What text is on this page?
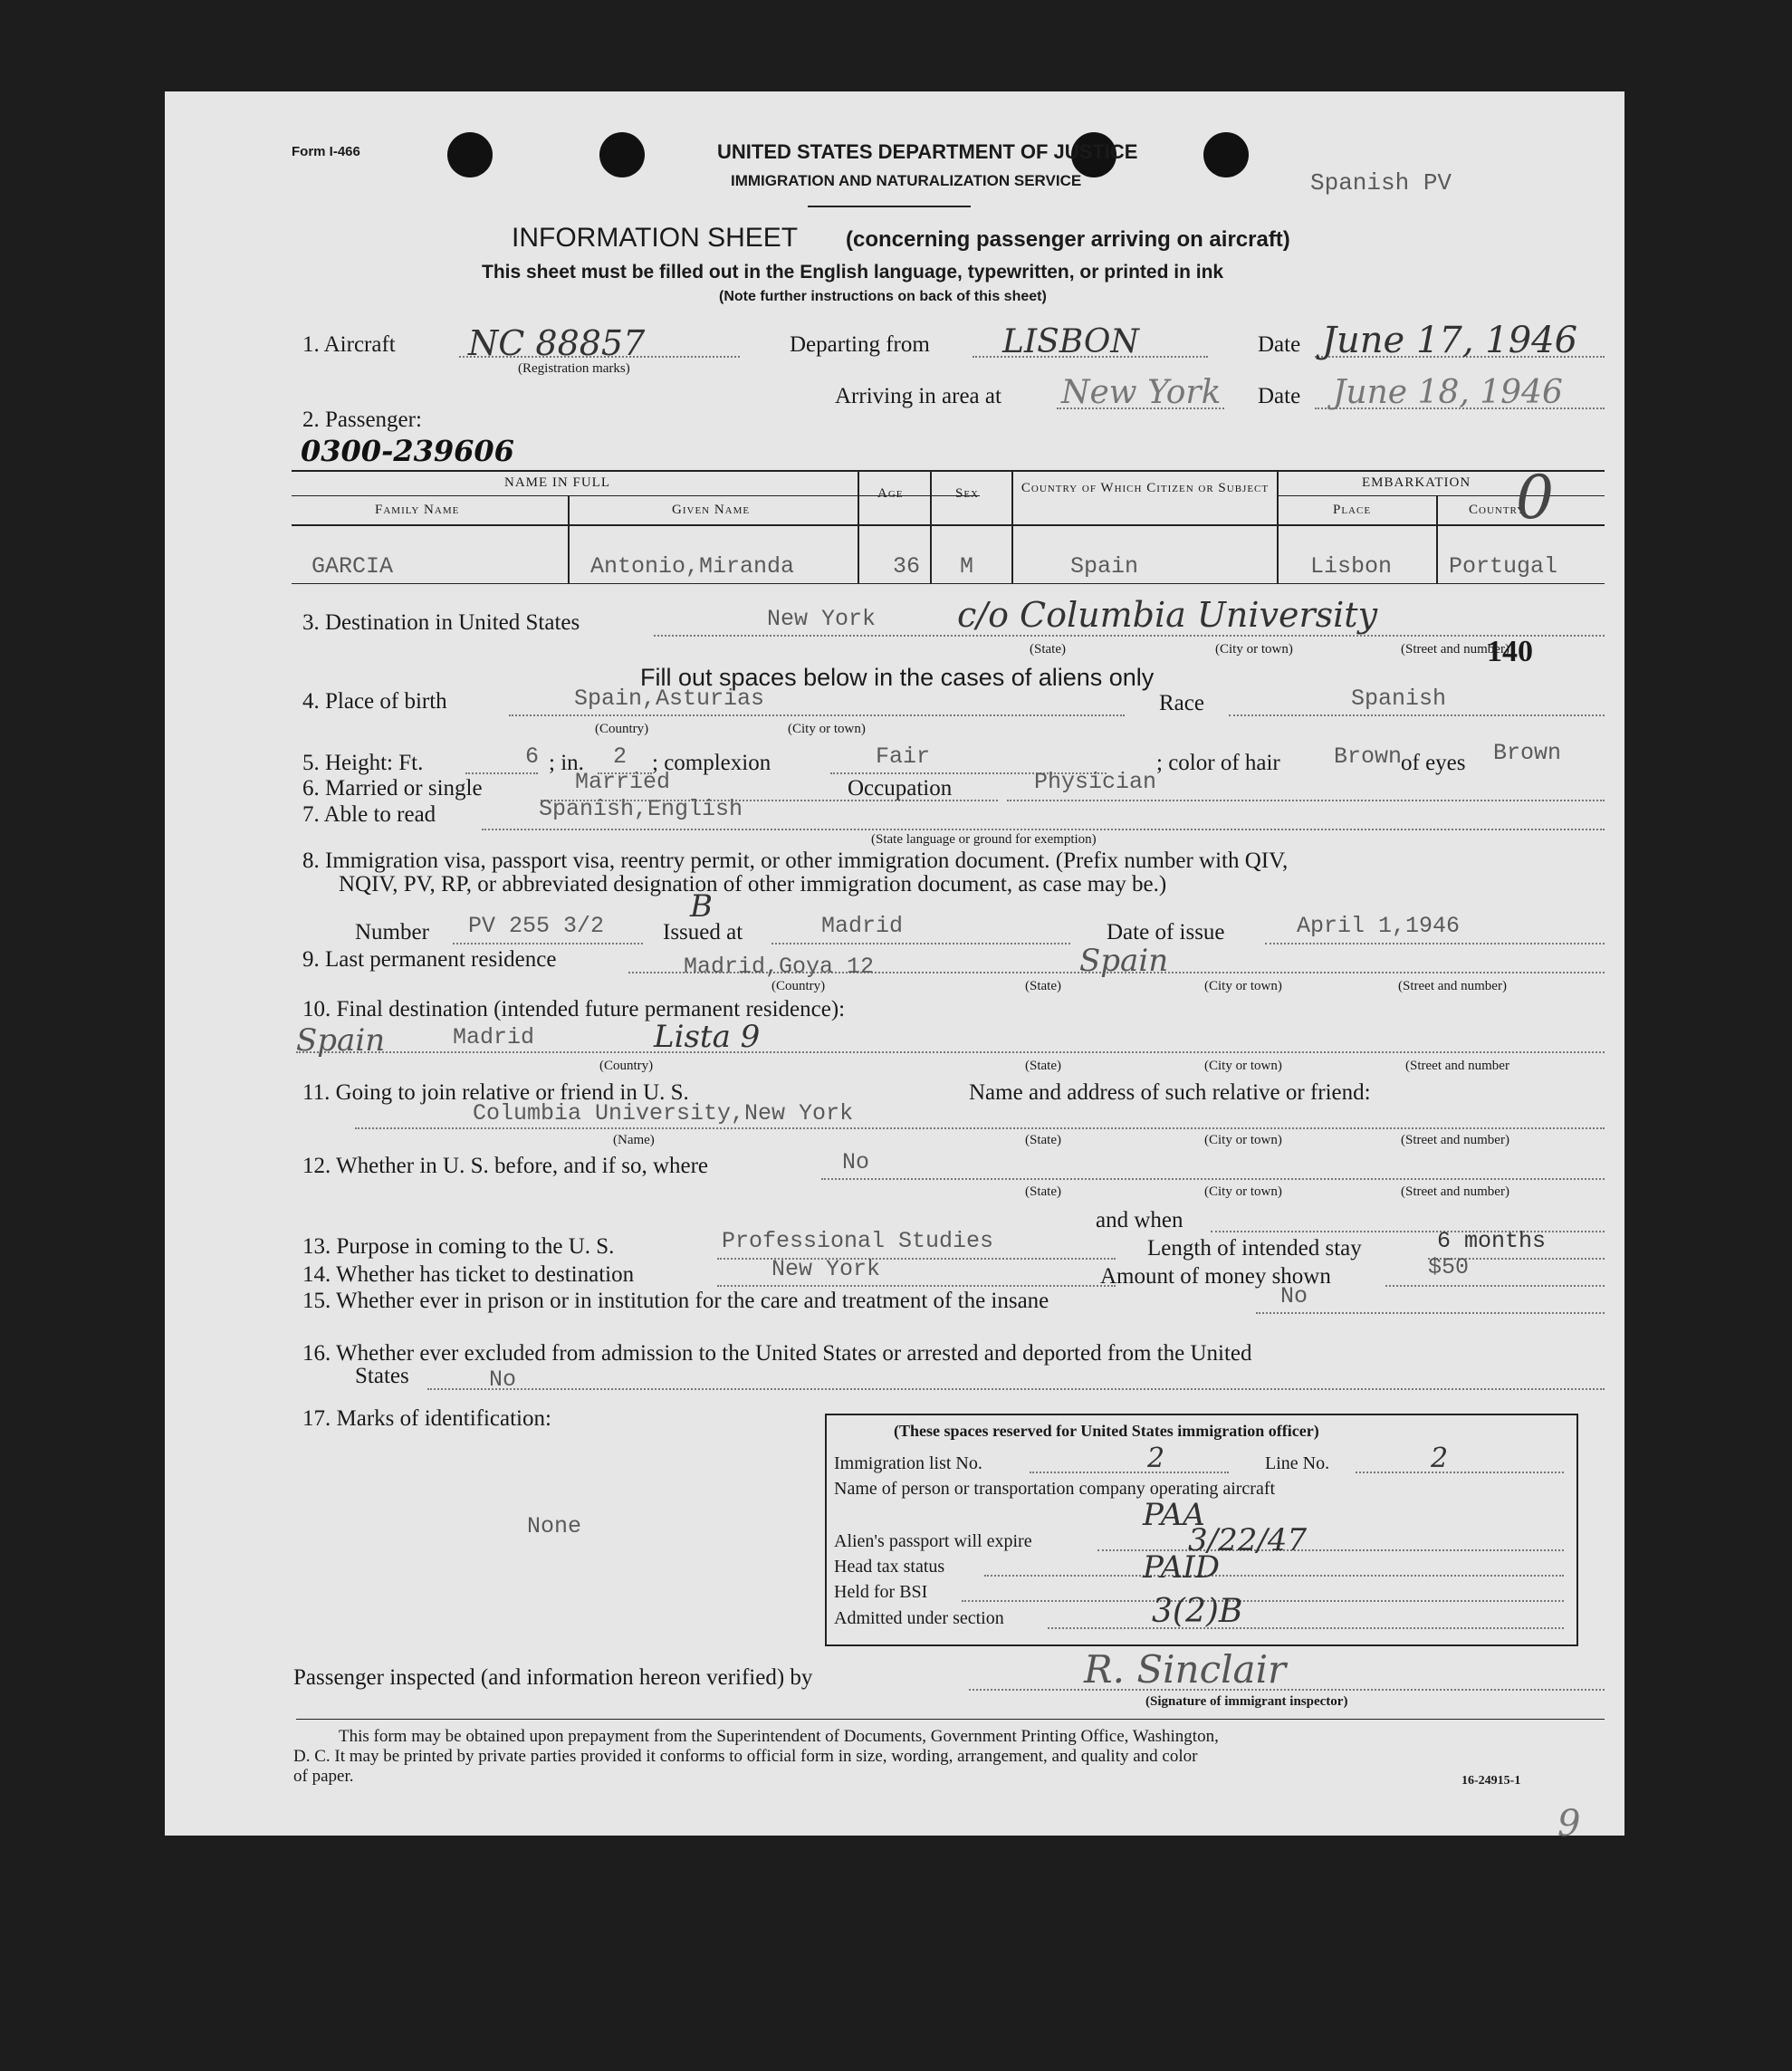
Form I-466	UNITED STATES DEPARTMENT OF JUSTICE
IMMIGRATION AND NATURALIZATION SERVICE	Spanish PV
INFORMATION SHEET (concerning passenger arriving on aircraft)
This sheet must be filled out in the English language, typewritten, or printed in ink
(Note further instructions on back of this sheet)
1. Aircraft NC 88857
(Registration marks)
Departing from LISBON	Date June 17, 1946
Arriving in area at New York Date June 18, 1946
2. Passenger:
0300-239606
NAME IN FULL
Family Name	Given Name
Age	Sex	Country of Which Citizen or Subject	EMBARKATION
Place	Country
GARCIA	Antonio,Miranda	36 M	Spain	Lisbon	Portugal
0
3. Destination in United States	New York c/o Columbia University
(State)	(City or town)	(Street and number)
140
Fill out spaces below in the cases of aliens only
4. Place of birth	Spain,Asturias
(Country)	(City or town)
Race	Spanish
5. Height: Ft.	6 ; in. 2 ; complexion	Fair	; color of hair Brown
of eyes Brown
6. Married or single	Married	Occupation	Physician
7. Able to read	Spanish,English
(State language or ground for exemption)
8. Immigration visa, passport visa, reentry permit, or other immigration document. (Prefix number with QIV,
NQIV, PV, RP, or abbreviated designation of other immigration document, as case may be.)
Number PV 255 3/2
B
Issued at	Madrid	Date of issue	April 1,1946
9. Last permanent residence	Madrid,Goya 12	Spain
(Country)	(State)	(City or town)	(Street and number)
10. Final destination (intended future permanent residence):
Spain	Madrid	Lista 9
(Country)	(State)	(City or town)	(Street and number
11. Going to join relative or friend in U. S.	Name and address of such relative or friend:
Columbia University,New York
(Name)	(State)	(City or town)	(Street and number)
12. Whether in U. S. before, and if so, where	No
(State)	(City or town)	(Street and number)
and when
13. Purpose in coming to the U. S.	Professional Studies	Length of intended stay	6 months
14. Whether has ticket to destination	New York	Amount of money shown	$50
15. Whether ever in prison or in institution for the care and treatment of the insane	No
16. Whether ever excluded from admission to the United States or arrested and deported from the United
States	No
17. Marks of identification:
None
(These spaces reserved for United States immigration officer)
Immigration list No.	2	Line No.	2
Name of person or transportation company operating aircraft
PAA
Alien's passport will expire	3/22/47
Head tax status	PAID
Held for BSI
Admitted under section	3(2)B
Passenger inspected (and information hereon verified) by	R. Sinclair
(Signature of immigrant inspector)
This form may be obtained upon prepayment from the Superintendent of Documents, Government Printing Office, Washington,
D. C. It may be printed by private parties provided it conforms to official form in size, wording, arrangement, and quality and color
of paper.	16-24915-1
9
